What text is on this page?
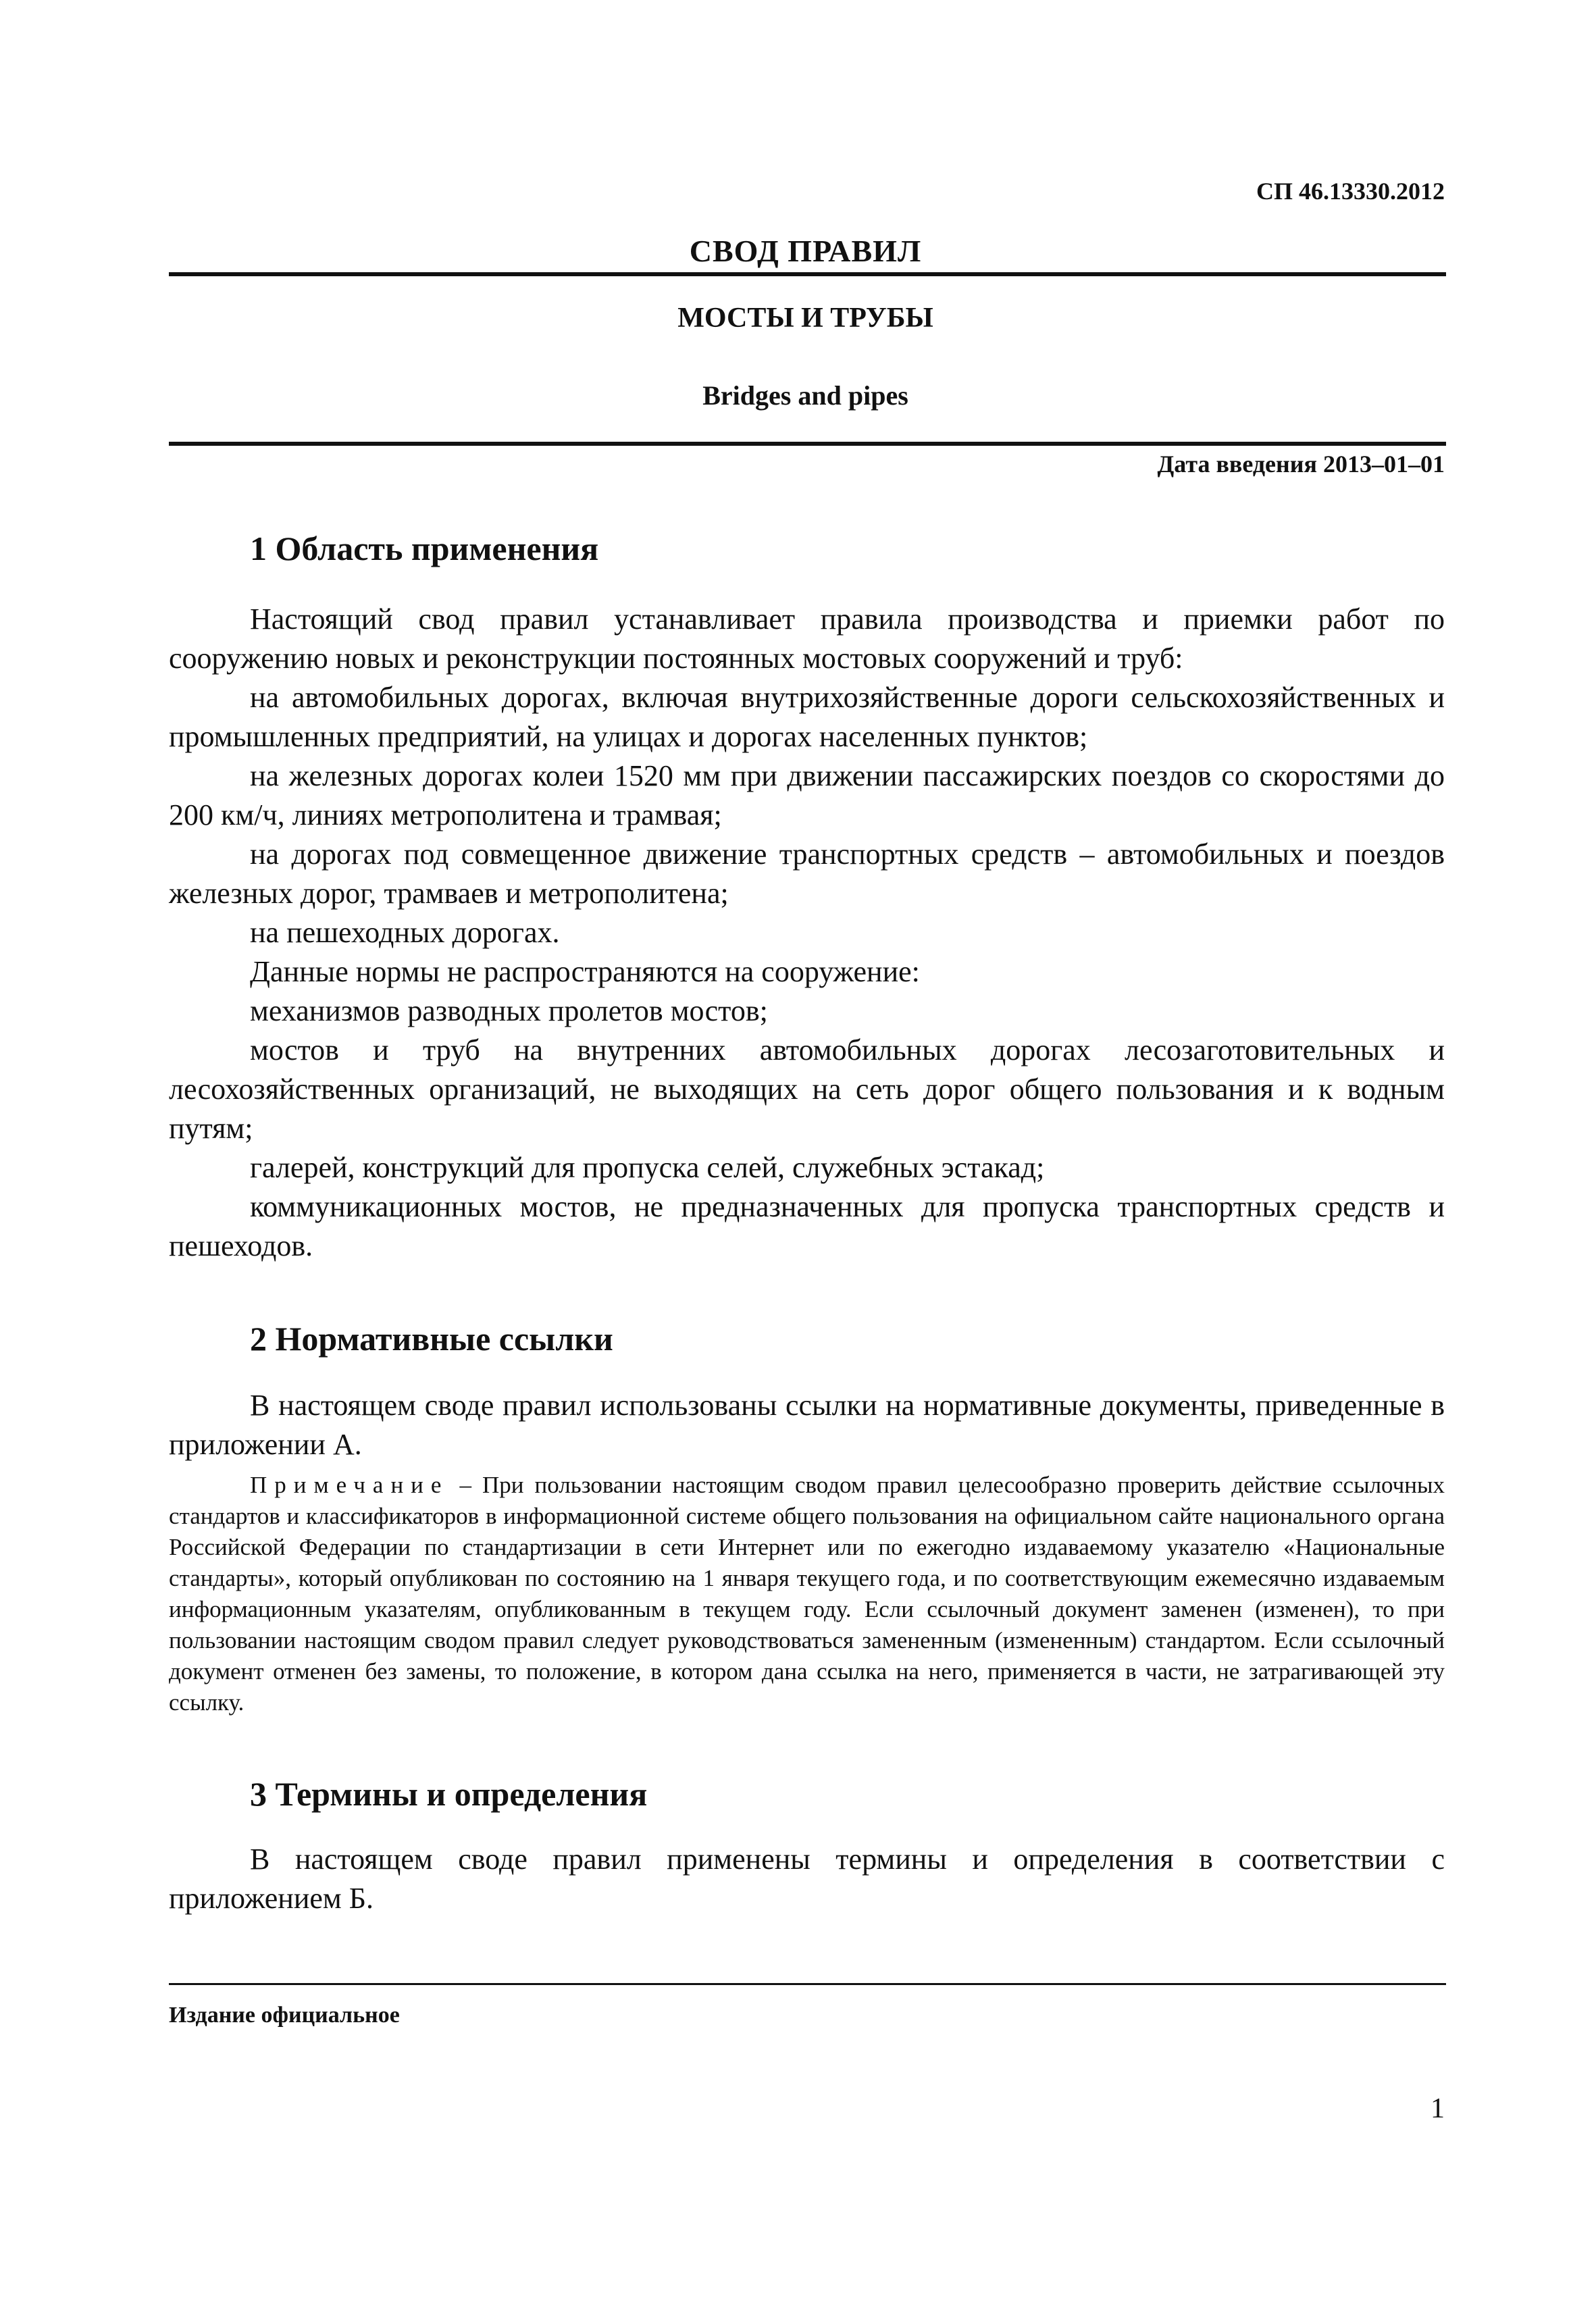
СП 46.13330.2012
СВОД ПРАВИЛ
МОСТЫ И ТРУБЫ
Bridges and pipes
Дата введения 2013–01–01
1 Область применения

Настоящий свод правил устанавливает правила производства и приемки работ по сооружению новых и реконструкции постоянных мостовых сооружений и труб:

на автомобильных дорогах, включая внутрихозяйственные дороги сельскохозяйственных и промышленных предприятий, на улицах и дорогах населенных пунктов;

на железных дорогах колеи 1520 мм при движении пассажирских поездов со скоростями до 200 км/ч, линиях метрополитена и трамвая;

на дорогах под совмещенное движение транспортных средств – автомобильных и поездов железных дорог, трамваев и метрополитена;

на пешеходных дорогах.

Данные нормы не распространяются на сооружение:

механизмов разводных пролетов мостов;

мостов и труб на внутренних автомобильных дорогах лесозаготовительных и лесохозяйственных организаций, не выходящих на сеть дорог общего пользования и к водным путям;

галерей, конструкций для пропуска селей, служебных эстакад;

коммуникационных мостов, не предназначенных для пропуска транспортных средств и пешеходов.

2 Нормативные ссылки

В настоящем своде правил использованы ссылки на нормативные документы, приведенные в приложении А.

Примечание – При пользовании настоящим сводом правил целесообразно проверить действие ссылочных стандартов и классификаторов в информационной системе общего пользования на официальном сайте национального органа Российской Федерации по стандартизации в сети Интернет или по ежегодно издаваемому указателю «Национальные стандарты», который опубликован по состоянию на 1 января текущего года, и по соответствующим ежемесячно издаваемым информационным указателям, опубликованным в текущем году. Если ссылочный документ заменен (изменен), то при пользовании настоящим сводом правил следует руководствоваться замененным (измененным) стандартом. Если ссылочный документ отменен без замены, то положение, в котором дана ссылка на него, применяется в части, не затрагивающей эту ссылку.
3 Термины и определения

В настоящем своде правил применены термины и определения в соответствии с приложением Б.

Издание официальное
1
